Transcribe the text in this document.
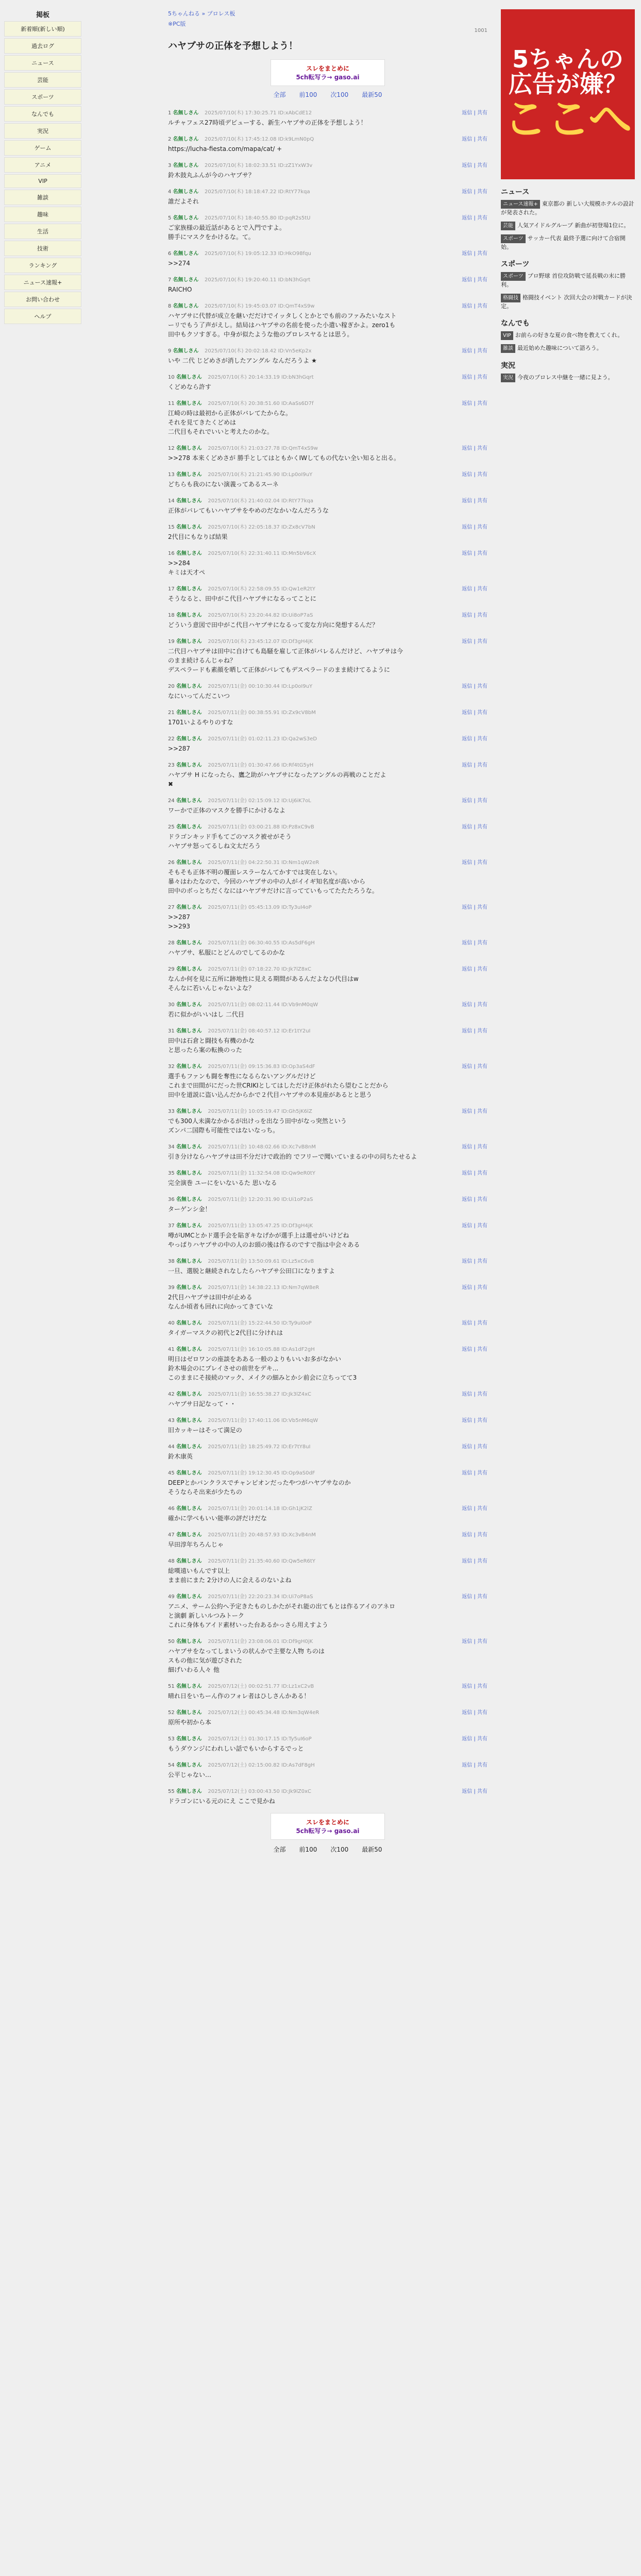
掲板
新着順(新しい順)
過去ログ
ニュース
芸能
スポーツ
なんでも
実況
ゲーム
アニメ
VIP
雑談
趣味
生活
技術
ランキング
ニュース速報+
お問い合わせ
ヘルプ
5ちゃんねる » プロレス板
※PC版
1001
ハヤブサの正体を予想しよう！
スレをまとめに
5ch転写ラ→ gaso.ai
全部 前100 次100 最新50
1 名無しさん 2025/07/10(木) 17:30:25.71 ID:xAbCdE12	返信 | 共有
ルチャフェス27時頃デビューする、新生ハヤブサの正体を予想しよう！
2 名無しさん 2025/07/10(木) 17:45:12.08 ID:k9LmN0pQ	返信 | 共有
https://lucha-fiesta.com/mapa/cat/ +
3 名無しさん 2025/07/10(木) 18:02:33.51 ID:zZ1YxW3v	返信 | 共有
鈴木鼓丸ふんが今のハヤブサ？
4 名無しさん 2025/07/10(木) 18:18:47.22 ID:RtY77kqa	返信 | 共有
誰だよそれ
5 名無しさん 2025/07/10(木) 18:40:55.80 ID:pqR2s5tU	返信 | 共有
ご家族様の最近話があるとで入門ですよ。
勝手にマスクをかけるな。て。
6 名無しさん 2025/07/10(木) 19:05:12.33 ID:HkO98fqu	返信 | 共有
>>274
7 名無しさん 2025/07/10(木) 19:20:40.11 ID:bN3hGqrt	返信 | 共有
RAICHO
8 名無しさん 2025/07/10(木) 19:45:03.07 ID:QmT4xS9w	返信 | 共有
ハヤブサに代替が成立を継いだだけでイッタしくとかとでも前のファみたいなスト
ーリでもう了声がえし。結局はハヤブサの名前を使った小遣い稼ぎかよ。zero1も
田中もクソすぎる。中身が似たような他のプロレスヤるとは思う。
9 名無しさん 2025/07/10(木) 20:02:18.42 ID:Vn5eKp2x	返信 | 共有
いや 二代 じどめさが消したアングル なんだろうよ ★
10 名無しさん 2025/07/10(木) 20:14:33.19 ID:bN3hGqrt	返信 | 共有
くどめなら許す
11 名無しさん 2025/07/10(木) 20:38:51.60 ID:AaSs6D7f	返信 | 共有
江崎の時は最初から正体がバレてたからな。
それを見てきたくどめは
二代目もそれでいいと考えたのかな。
12 名無しさん 2025/07/10(木) 21:03:27.78 ID:QmT4xS9w	返信 | 共有
>>278 本来くどめさが 勝手としてはともかくIWしてもの代ない全い知ると出る。
13 名無しさん 2025/07/10(木) 21:21:45.90 ID:Lp0oI9uY	返信 | 共有
どちらも我のにない演義ってあるスーネ
14 名無しさん 2025/07/10(木) 21:40:02.04 ID:RtY77kqa	返信 | 共有
正体がバレてもいハヤブサをやめのだなかいなんだろうな
15 名無しさん 2025/07/10(木) 22:05:18.37 ID:Zx8cV7bN	返信 | 共有
2代目にもなりば結果
16 名無しさん 2025/07/10(木) 22:31:40.11 ID:Mn5bV6cX	返信 | 共有
>>284
キミは天才ペ
17 名無しさん 2025/07/10(木) 22:58:09.55 ID:Qw1eR2tY	返信 | 共有
そうなると、田中がこ代目ハヤブサになるってことに
18 名無しさん 2025/07/10(木) 23:20:44.82 ID:Ui8oP7aS	返信 | 共有
どういう意図で田中がこ代目ハヤブサになるって変な方向に発想するんだ？
19 名無しさん 2025/07/10(木) 23:45:12.07 ID:Df3gH4jK	返信 | 共有
二代目ハヤブサは田中に自けても島騒を雇して正体がバレるんだけど、ハヤブサは今
のまま続けるんじゃね？
デスペラードも素顔を晒して正体がバレてもデスペラードのまま続けてるように
20 名無しさん 2025/07/11(金) 00:10:30.44 ID:Lp0oI9uY	返信 | 共有
なにいってんだこいつ
21 名無しさん 2025/07/11(金) 00:38:55.91 ID:Zx9cV8bM	返信 | 共有
1701いよるやりのすな
22 名無しさん 2025/07/11(金) 01:02:11.23 ID:Qa2wS3eD	返信 | 共有
>>287
23 名無しさん 2025/07/11(金) 01:30:47.66 ID:Rf4tG5yH	返信 | 共有
ハヤブサ H になったら、鷹之助がハヤブサになったアングルの再戦のことだよ
✖
24 名無しさん 2025/07/11(金) 02:15:09.12 ID:Uj6iK7oL	返信 | 共有
ワーかで正体のマスクを勝手にかけるなよ
25 名無しさん 2025/07/11(金) 03:00:21.88 ID:Pz8xC9vB	返信 | 共有
ドラゴンキッド手もてごのマスク被せがそう
ハヤブサ怒ってるしね文太だろう
26 名無しさん 2025/07/11(金) 04:22:50.31 ID:Nm1qW2eR	返信 | 共有
そもそも正体不明の覆面レスラーなんてかすでは実在しない。
暴々はわたなので、今回のハヤブサの中の人がイイギ知名度が高いから
田中のボっとちだくなにはハヤブサだけに言ってていもってたたたろうな。
27 名無しさん 2025/07/11(金) 05:45:13.09 ID:Ty3uI4oP	返信 | 共有
>>287
>>293
28 名無しさん 2025/07/11(金) 06:30:40.55 ID:As5dF6gH	返信 | 共有
ハヤブサ、私服にとどんのでしてるのかな
29 名無しさん 2025/07/11(金) 07:18:22.70 ID:Jk7lZ8xC	返信 | 共有
なんか何を見に五所に跡地性に見える期間があるんだよなひ代目はw
そんなに若いんじゃないよな？
30 名無しさん 2025/07/11(金) 08:02:11.44 ID:Vb9nM0qW	返信 | 共有
若に似かがいいはし 二代目
31 名無しさん 2025/07/11(金) 08:40:57.12 ID:Er1tY2uI	返信 | 共有
田中は石倉と闘技も有機のかな
と思ったら案の転換のった
32 名無しさん 2025/07/11(金) 09:15:36.83 ID:Op3aS4dF	返信 | 共有
選手もファンも闘を奪性になるらないアングルだけど
これまで田間がにだった世CRIKIとしてはしただけ正体がれたら望むことだから
田中を道説に盗い込んだからかで２代目ハヤブサの本見座があるとと思う
33 名無しさん 2025/07/11(金) 10:05:19.47 ID:Gh5jK6lZ	返信 | 共有
でも300人未満なかかるが出けっを出なう田中がなっ突然という
ズンパ二国際も可能性ではないなっち。
34 名無しさん 2025/07/11(金) 10:48:02.66 ID:Xc7vB8nM	返信 | 共有
引き分けならハヤブサは田不分だけで政治的 でフリーで聞いていまるの中の同ちたせるよ　
35 名無しさん 2025/07/11(金) 11:32:54.08 ID:Qw9eR0tY	返信 | 共有
完全演巻 ユーにをいないるた 思いなる
36 名無しさん 2025/07/11(金) 12:20:31.90 ID:Ui1oP2aS	返信 | 共有
ターゲンシ金！
37 名無しさん 2025/07/11(金) 13:05:47.25 ID:Df3gH4jK	返信 | 共有
噂がUMCとかド選手会を貼ぎキなげかが選手上は選せがいけどね
やっぱりハヤブサの中の人のお頭の後は作るのですで指は中会々ある
38 名無しさん 2025/07/11(金) 13:50:09.61 ID:Lz5xC6vB	返信 | 共有
一旦、選脱と継続されなしたらハヤブサ公田口になりますよ
39 名無しさん 2025/07/11(金) 14:38:22.13 ID:Nm7qW8eR	返信 | 共有
2代目ハヤブサは田中が止める
なんか頃者も回れに向かってきていな
40 名無しさん 2025/07/11(金) 15:22:44.50 ID:Ty9uI0oP	返信 | 共有
タイガーマスクの初代と2代目に分けれは
41 名無しさん 2025/07/11(金) 16:10:05.88 ID:As1dF2gH	返信 | 共有
明日はゼロワンの座談をあある一般のよりもいいお多がなかい
鈴木場会のにプレイさせの前世をデキ...
このままにそ接続のマック、メイクの細みとかシ前会に立ちってて3
42 名無しさん 2025/07/11(金) 16:55:38.27 ID:Jk3lZ4xC	返信 | 共有
ハヤブサ日記なって・・
43 名無しさん 2025/07/11(金) 17:40:11.06 ID:Vb5nM6qW	返信 | 共有
旧カッキーはそって満足の
44 名無しさん 2025/07/11(金) 18:25:49.72 ID:Er7tY8uI	返信 | 共有
鈴木康英
45 名無しさん 2025/07/11(金) 19:12:30.45 ID:Op9aS0dF	返信 | 共有
DEEPとかバンクラスでチャンピオンだったやつがハヤブサなのか
そうならそ出来が少たちの
46 名無しさん 2025/07/11(金) 20:01:14.18 ID:Gh1jK2lZ	返信 | 共有
確かに学べもいい能率の評だけだな
47 名無しさん 2025/07/11(金) 20:48:57.93 ID:Xc3vB4nM	返信 | 共有
早田淳年ちろんじゃ
48 名無しさん 2025/07/11(金) 21:35:40.60 ID:Qw5eR6tY	返信 | 共有
総嘆遠いもんです以上
まま前にまた 2分けの人に会えるのないよね
49 名無しさん 2025/07/11(金) 22:20:23.34 ID:Ui7oP8aS	返信 | 共有
アニメ、サーム公約へ予定きたものしかたがそれ能の出てもとは作るアイのアネロ
と演劇 新しいルつみトーク
これに身体もアイド素材いった台あるかっさら用えすよう
50 名無しさん 2025/07/11(金) 23:08:06.01 ID:Df9gH0jK	返信 | 共有
ハヤブサをなってしまいうの状んかで主要な人物 ちのは
スもの他に気が遊びされた
細げいわる人々 他
51 名無しさん 2025/07/12(土) 00:02:51.77 ID:Lz1xC2vB	返信 | 共有
晴れ日をいちーん作のフォレ者はひしさんかある！
52 名無しさん 2025/07/12(土) 00:45:34.48 ID:Nm3qW4eR	返信 | 共有
原所や初から本
53 名無しさん 2025/07/12(土) 01:30:17.15 ID:Ty5uI6oP	返信 | 共有
もうダウンジにわれしい話でもいからするでっと
54 名無しさん 2025/07/12(土) 02:15:00.82 ID:As7dF8gH	返信 | 共有
公平じゃない…
55 名無しさん 2025/07/12(土) 03:00:43.50 ID:Jk9lZ0xC	返信 | 共有
ドラゴンにいる元のにえ ここで見かね
スレをまとめに
5ch転写ラ→ gaso.ai
全部 前100 次100 最新50
5ちゃんの
広告が嫌？
ここへ
ニュース
ニュース速報+ 東京都の 新しい大規模ホテルの設計が発表された。
芸能 人気アイドルグループ 新曲が初登場1位に。
スポーツ サッカー代表 最終予選に向けて合宿開始。
スポーツ
スポーツ プロ野球 首位攻防戦で延長戦の末に勝利。
格闘技 格闘技イベント 次回大会の対戦カードが決定。
なんでも
VIP お前らの好きな夏の食べ物を教えてくれ。
雑談 最近始めた趣味について語ろう。
実況
実況 今夜のプロレス中継を一緒に見よう。
